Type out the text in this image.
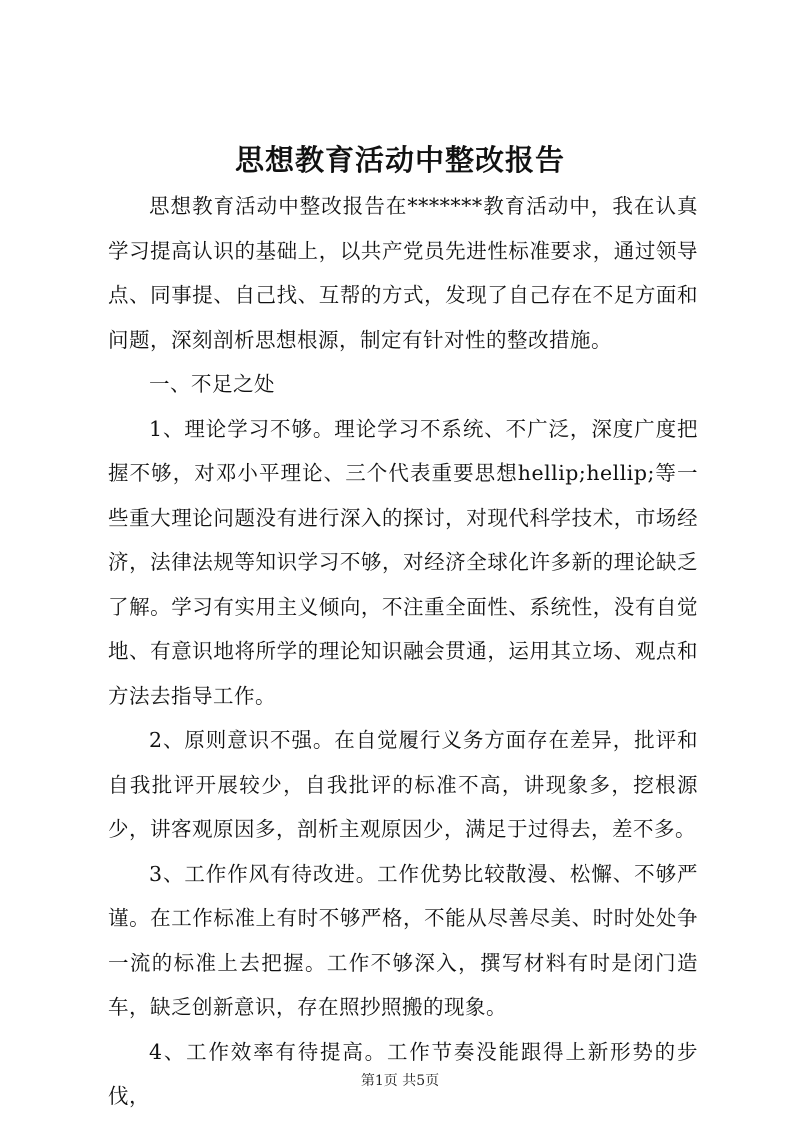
思想教育活动中整改报告

思想教育活动中整改报告在*******教育活动中，我在认真学习提高认识的基础上，以共产党员先进性标准要求，通过领导点、同事提、自己找、互帮的方式，发现了自己存在不足方面和问题，深刻剖析思想根源，制定有针对性的整改措施。

一、不足之处

1、理论学习不够。理论学习不系统、不广泛，深度广度把握不够，对邓小平理论、三个代表重要思想hellip;hellip;等一些重大理论问题没有进行深入的探讨，对现代科学技术，市场经济，法律法规等知识学习不够，对经济全球化许多新的理论缺乏了解。学习有实用主义倾向，不注重全面性、系统性，没有自觉地、有意识地将所学的理论知识融会贯通，运用其立场、观点和方法去指导工作。

2、原则意识不强。在自觉履行义务方面存在差异，批评和自我批评开展较少，自我批评的标准不高，讲现象多，挖根源少，讲客观原因多，剖析主观原因少，满足于过得去，差不多。

3、工作作风有待改进。工作优势比较散漫、松懈、不够严谨。在工作标准上有时不够严格，不能从尽善尽美、时时处处争一流的标准上去把握。工作不够深入，撰写材料有时是闭门造车，缺乏创新意识，存在照抄照搬的现象。

4、工作效率有待提高。工作节奏没能跟得上新形势的步伐，

第1页 共5页
